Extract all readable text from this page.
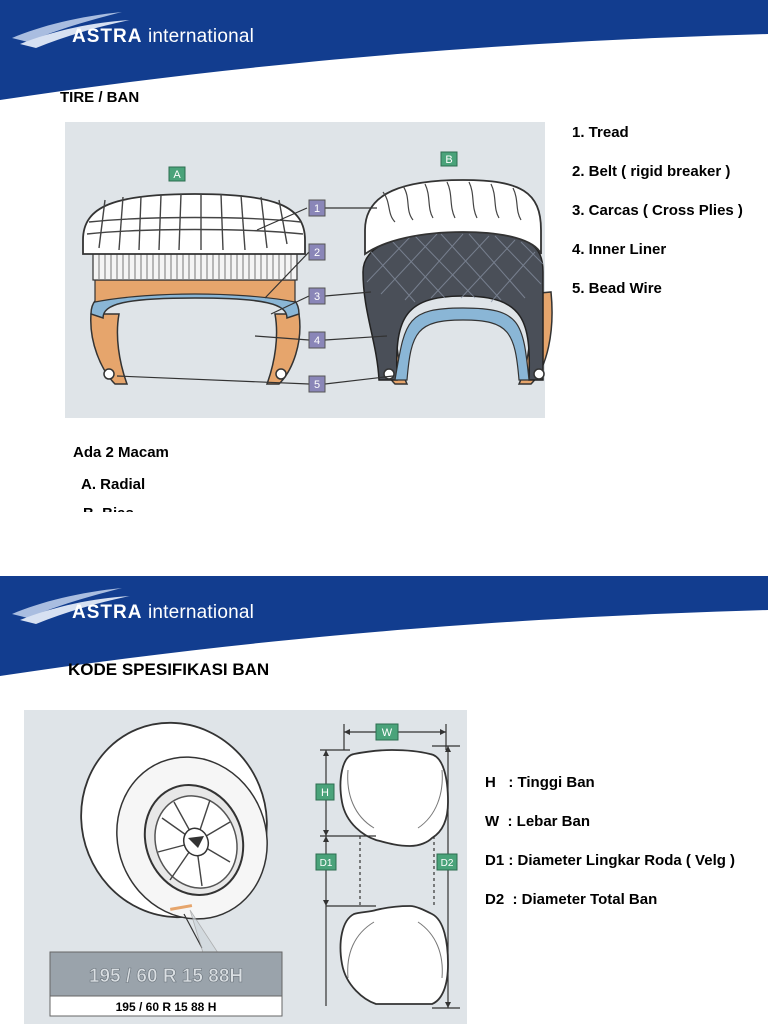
ASTRA international
TIRE / BAN
A
B
1
2
3
4
5
1. Tread
2. Belt ( rigid breaker )
3. Carcas ( Cross Plies )
4. Inner Liner
5. Bead Wire
Ada 2 Macam
A. Radial
ASTRA international
KODE SPESIFIKASI BAN
195 / 60 R 15 88H
195 / 60 R 15 88 H
W
H
D1	D2
H   : Tinggi Ban
W  : Lebar Ban
D1 : Diameter Lingkar Roda ( Velg )
D2  : Diameter Total Ban
